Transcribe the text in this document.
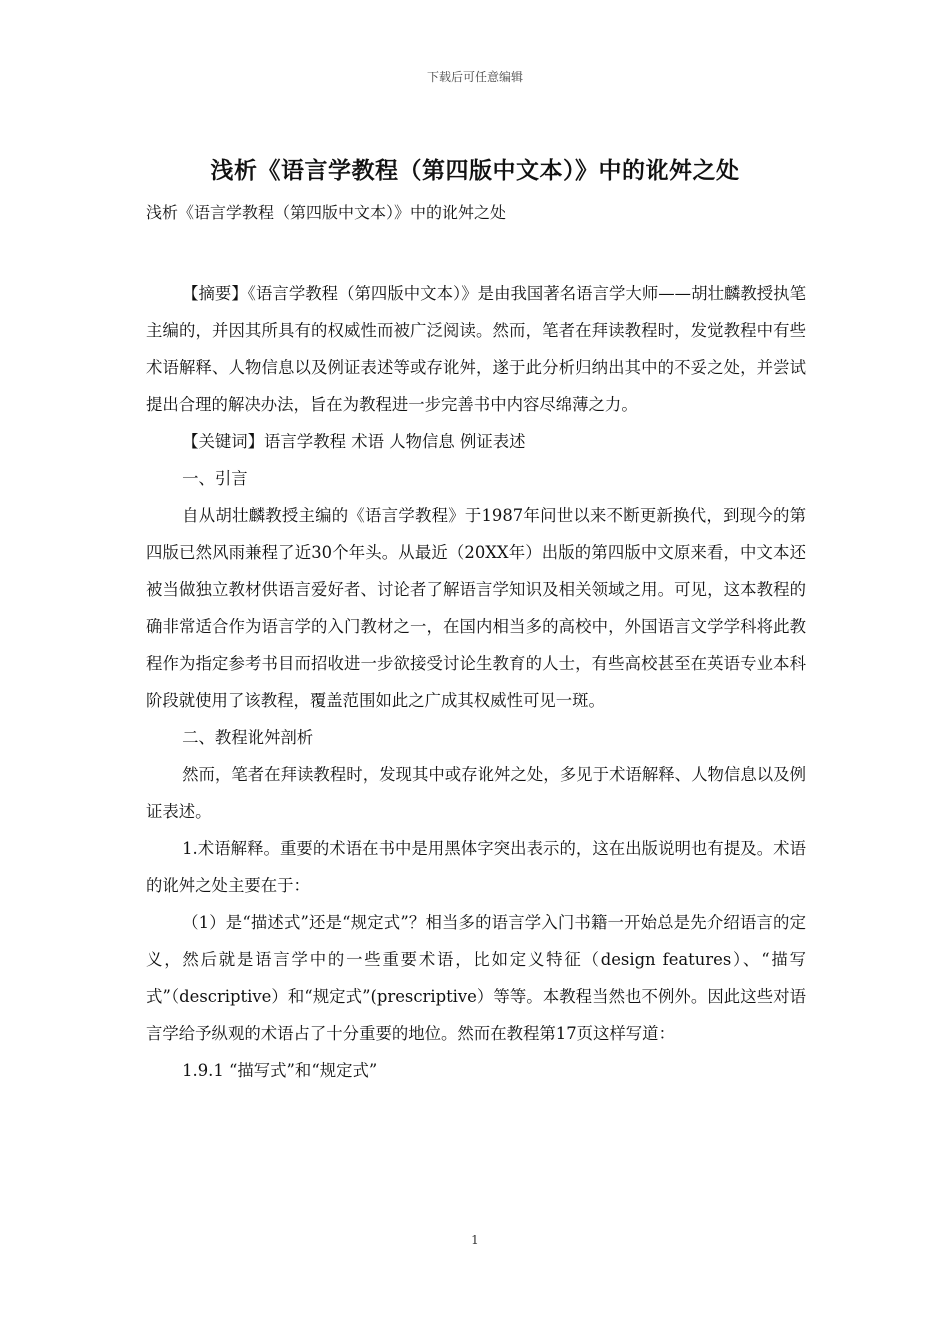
下载后可任意编辑
浅析《语言学教程（第四版中文本）》中的讹舛之处
浅析《语言学教程（第四版中文本）》中的讹舛之处

【摘要】《语言学教程（第四版中文本）》是由我国著名语言学大师——胡壮麟教授执笔主编的，并因其所具有的权威性而被广泛阅读。然而，笔者在拜读教程时，发觉教程中有些术语解释、人物信息以及例证表述等或存讹舛，遂于此分析归纳出其中的不妥之处，并尝试提出合理的解决办法，旨在为教程进一步完善书中内容尽绵薄之力。

【关键词】语言学教程 术语 人物信息 例证表述

一、引言

自从胡壮麟教授主编的《语言学教程》于1987年问世以来不断更新换代，到现今的第四版已然风雨兼程了近30个年头。从最近（20XX年）出版的第四版中文原来看，中文本还被当做独立教材供语言爱好者、讨论者了解语言学知识及相关领域之用。可见，这本教程的确非常适合作为语言学的入门教材之一，在国内相当多的高校中，外国语言文学学科将此教程作为指定参考书目而招收进一步欲接受讨论生教育的人士，有些高校甚至在英语专业本科阶段就使用了该教程，覆盖范围如此之广成其权威性可见一斑。

二、教程讹舛剖析

然而，笔者在拜读教程时，发现其中或存讹舛之处，多见于术语解释、人物信息以及例证表述。

1.术语解释。重要的术语在书中是用黑体字突出表示的，这在出版说明也有提及。术语的讹舛之处主要在于：

（1）是“描述式”还是“规定式”？相当多的语言学入门书籍一开始总是先介绍语言的定义，然后就是语言学中的一些重要术语，比如定义特征（design features）、“描写式”（descriptive）和“规定式”(prescriptive）等等。本教程当然也不例外。因此这些对语言学给予纵观的术语占了十分重要的地位。然而在教程第17页这样写道：

1.9.1 “描写式”和“规定式”

1
